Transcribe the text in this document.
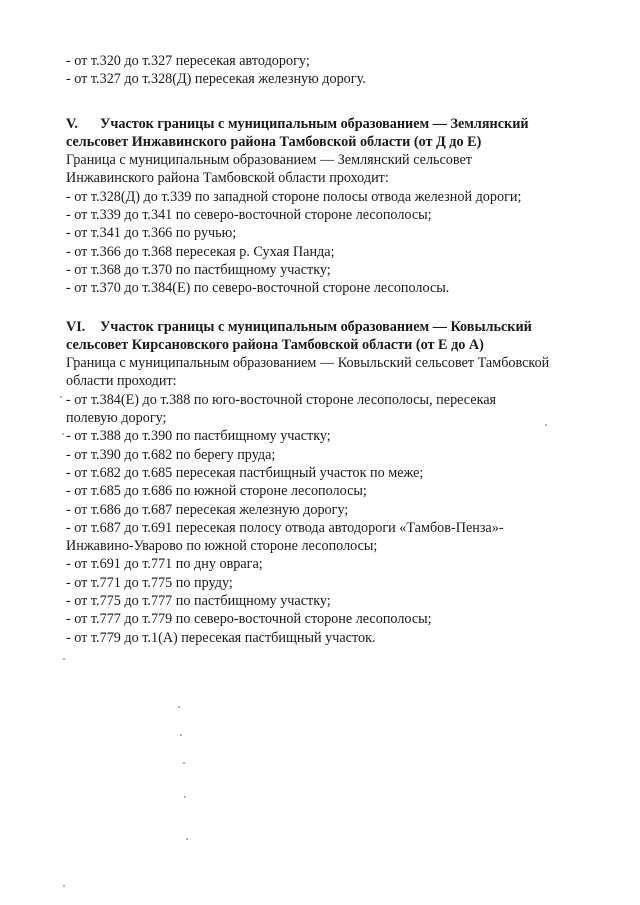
- от т.320 до т.327 пересекая автодорогу;
- от т.327 до т.328(Д) пересекая железную дорогу.
V. Участок границы с муниципальным образованием — Землянский
сельсовет Инжавинского района Тамбовской области (от Д до Е)
Граница с муниципальным образованием — Землянский сельсовет
Инжавинского района Тамбовской области проходит:
- от т.328(Д) до т.339 по западной стороне полосы отвода железной дороги;
- от т.339 до т.341 по северо-восточной стороне лесополосы;
- от т.341 до т.366 по ручью;
- от т.366 до т.368 пересекая р. Сухая Панда;
- от т.368 до т.370 по пастбищному участку;
- от т.370 до т.384(Е) по северо-восточной стороне лесополосы.
VI. Участок границы с муниципальным образованием — Ковыльский
сельсовет Кирсановского района Тамбовской области (от Е до А)
Граница с муниципальным образованием — Ковыльский сельсовет Тамбовской
области проходит:
- от т.384(Е) до т.388 по юго-восточной стороне лесополосы, пересекая
полевую дорогу;
- от т.388 до т.390 по пастбищному участку;
- от т.390 до т.682 по берегу пруда;
- от т.682 до т.685 пересекая пастбищный участок по меже;
- от т.685 до т.686 по южной стороне лесополосы;
- от т.686 до т.687 пересекая железную дорогу;
- от т.687 до т.691 пересекая полосу отвода автодороги «Тамбов-Пенза»-
Инжавино-Уварово по южной стороне лесополосы;
- от т.691 до т.771 по дну оврага;
- от т.771 до т.775 по пруду;
- от т.775 до т.777 по пастбищному участку;
- от т.777 до т.779 по северо-восточной стороне лесополосы;
- от т.779 до т.1(А) пересекая пастбищный участок.
